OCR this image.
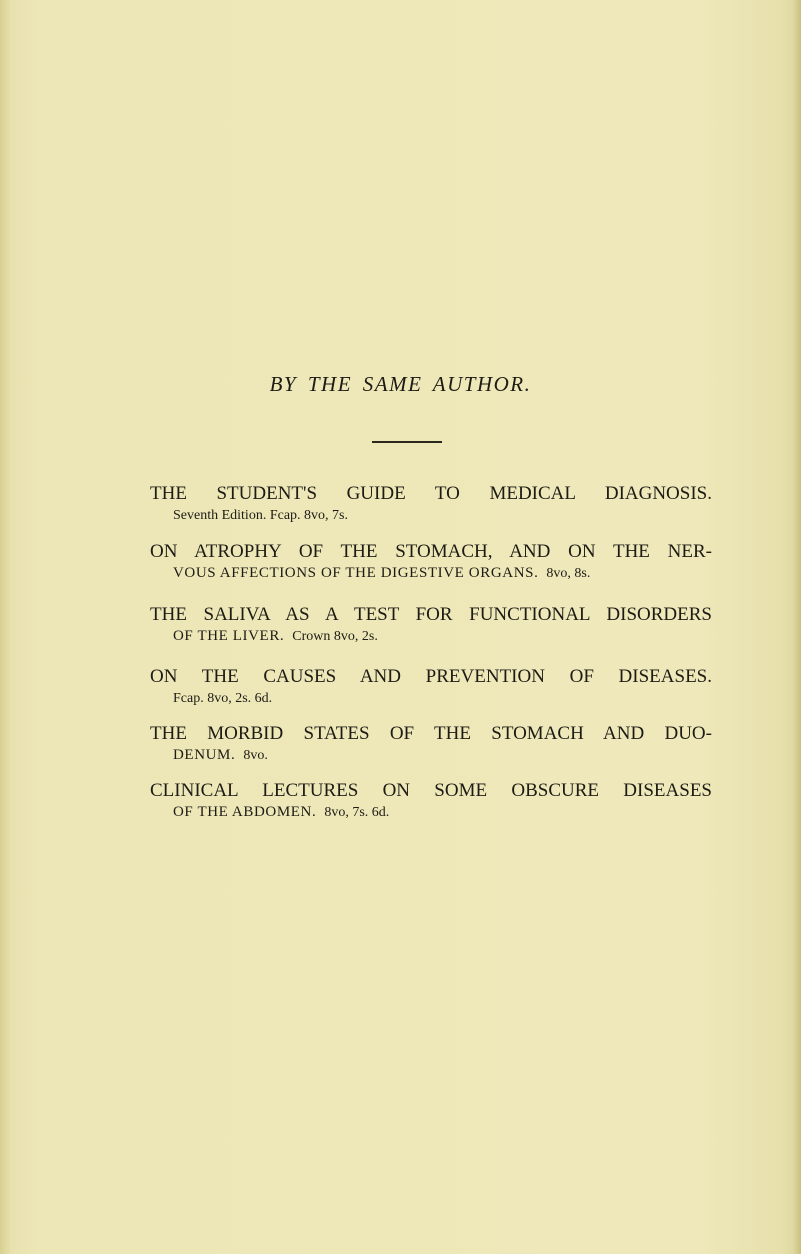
BY THE SAME AUTHOR.
THE STUDENT'S GUIDE TO MEDICAL DIAGNOSIS.
Seventh Edition. Fcap. 8vo, 7s.
ON ATROPHY OF THE STOMACH, AND ON THE NER-
VOUS AFFECTIONS OF THE DIGESTIVE ORGANS. 8vo, 8s.
THE SALIVA AS A TEST FOR FUNCTIONAL DISORDERS
OF THE LIVER. Crown 8vo, 2s.
ON THE CAUSES AND PREVENTION OF DISEASES.
Fcap. 8vo, 2s. 6d.
THE MORBID STATES OF THE STOMACH AND DUO-
DENUM. 8vo.
CLINICAL LECTURES ON SOME OBSCURE DISEASES
OF THE ABDOMEN. 8vo, 7s. 6d.
